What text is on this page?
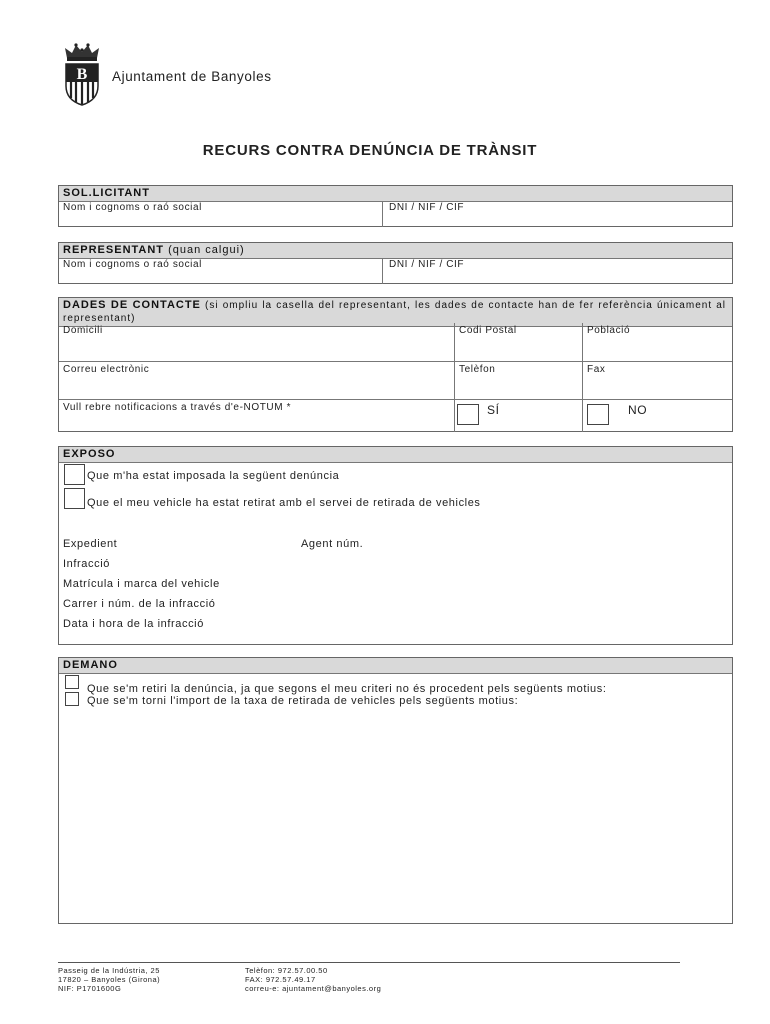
B Ajuntament de Banyoles
RECURS CONTRA DENÚNCIA DE TRÀNSIT
SOL.LICITANT
Nom i cognoms o raó social	DNI / NIF / CIF
REPRESENTANT (quan calgui)
Nom i cognoms o raó social	DNI / NIF / CIF
DADES DE CONTACTE (si ompliu la casella del representant, les dades de contacte han de fer referència únicament al representant)
Domicili	Codi Postal	Població
Correu electrònic	Telèfon	Fax
Vull rebre notificacions a través d'e-NOTUM *	SÍ	NO
EXPOSO
Que m'ha estat imposada la següent denúncia
Que el meu vehicle ha estat retirat amb el servei de retirada de vehicles
Expedient	Agent núm.
Infracció
Matrícula i marca del vehicle
Carrer i núm. de la infracció
Data i hora de la infracció
DEMANO
Que se'm retiri la denúncia, ja que segons el meu criteri no és procedent pels següents motius:
Que se'm torni l'import de la taxa de retirada de vehicles pels següents motius:
Passeig de la Indústria, 25
17820 – Banyoles (Girona)
NIF: P1701600G
Telèfon: 972.57.00.50
FAX: 972.57.49.17
correu-e: ajuntament@banyoles.org
